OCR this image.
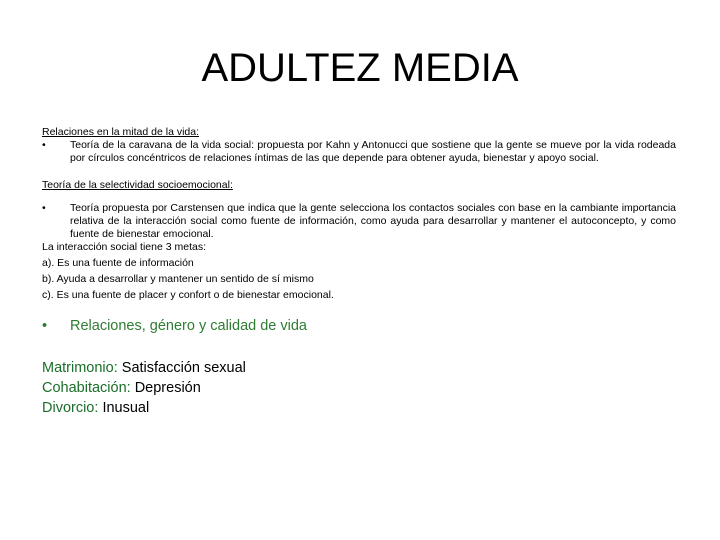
ADULTEZ MEDIA
Relaciones en la mitad de la vida:
• Teoría de la caravana de la vida social: propuesta por Kahn y Antonucci que sostiene que la gente se mueve por la vida rodeada por círculos concéntricos de relaciones íntimas de las que depende para obtener ayuda, bienestar y apoyo social.
Teoría de la selectividad socioemocional:
• Teoría propuesta por Carstensen que indica que la gente selecciona los contactos sociales con base en la cambiante importancia relativa de la interacción social como fuente de información, como ayuda para desarrollar y mantener el autoconcepto, y como fuente de bienestar emocional.
La interacción social tiene 3 metas:
a). Es una fuente de información
b). Ayuda a desarrollar y mantener un sentido de sí mismo
c). Es una fuente de placer y confort o de bienestar emocional.
• Relaciones, género y calidad de vida
Matrimonio: Satisfacción sexual
Cohabitación: Depresión
Divorcio: Inusual
